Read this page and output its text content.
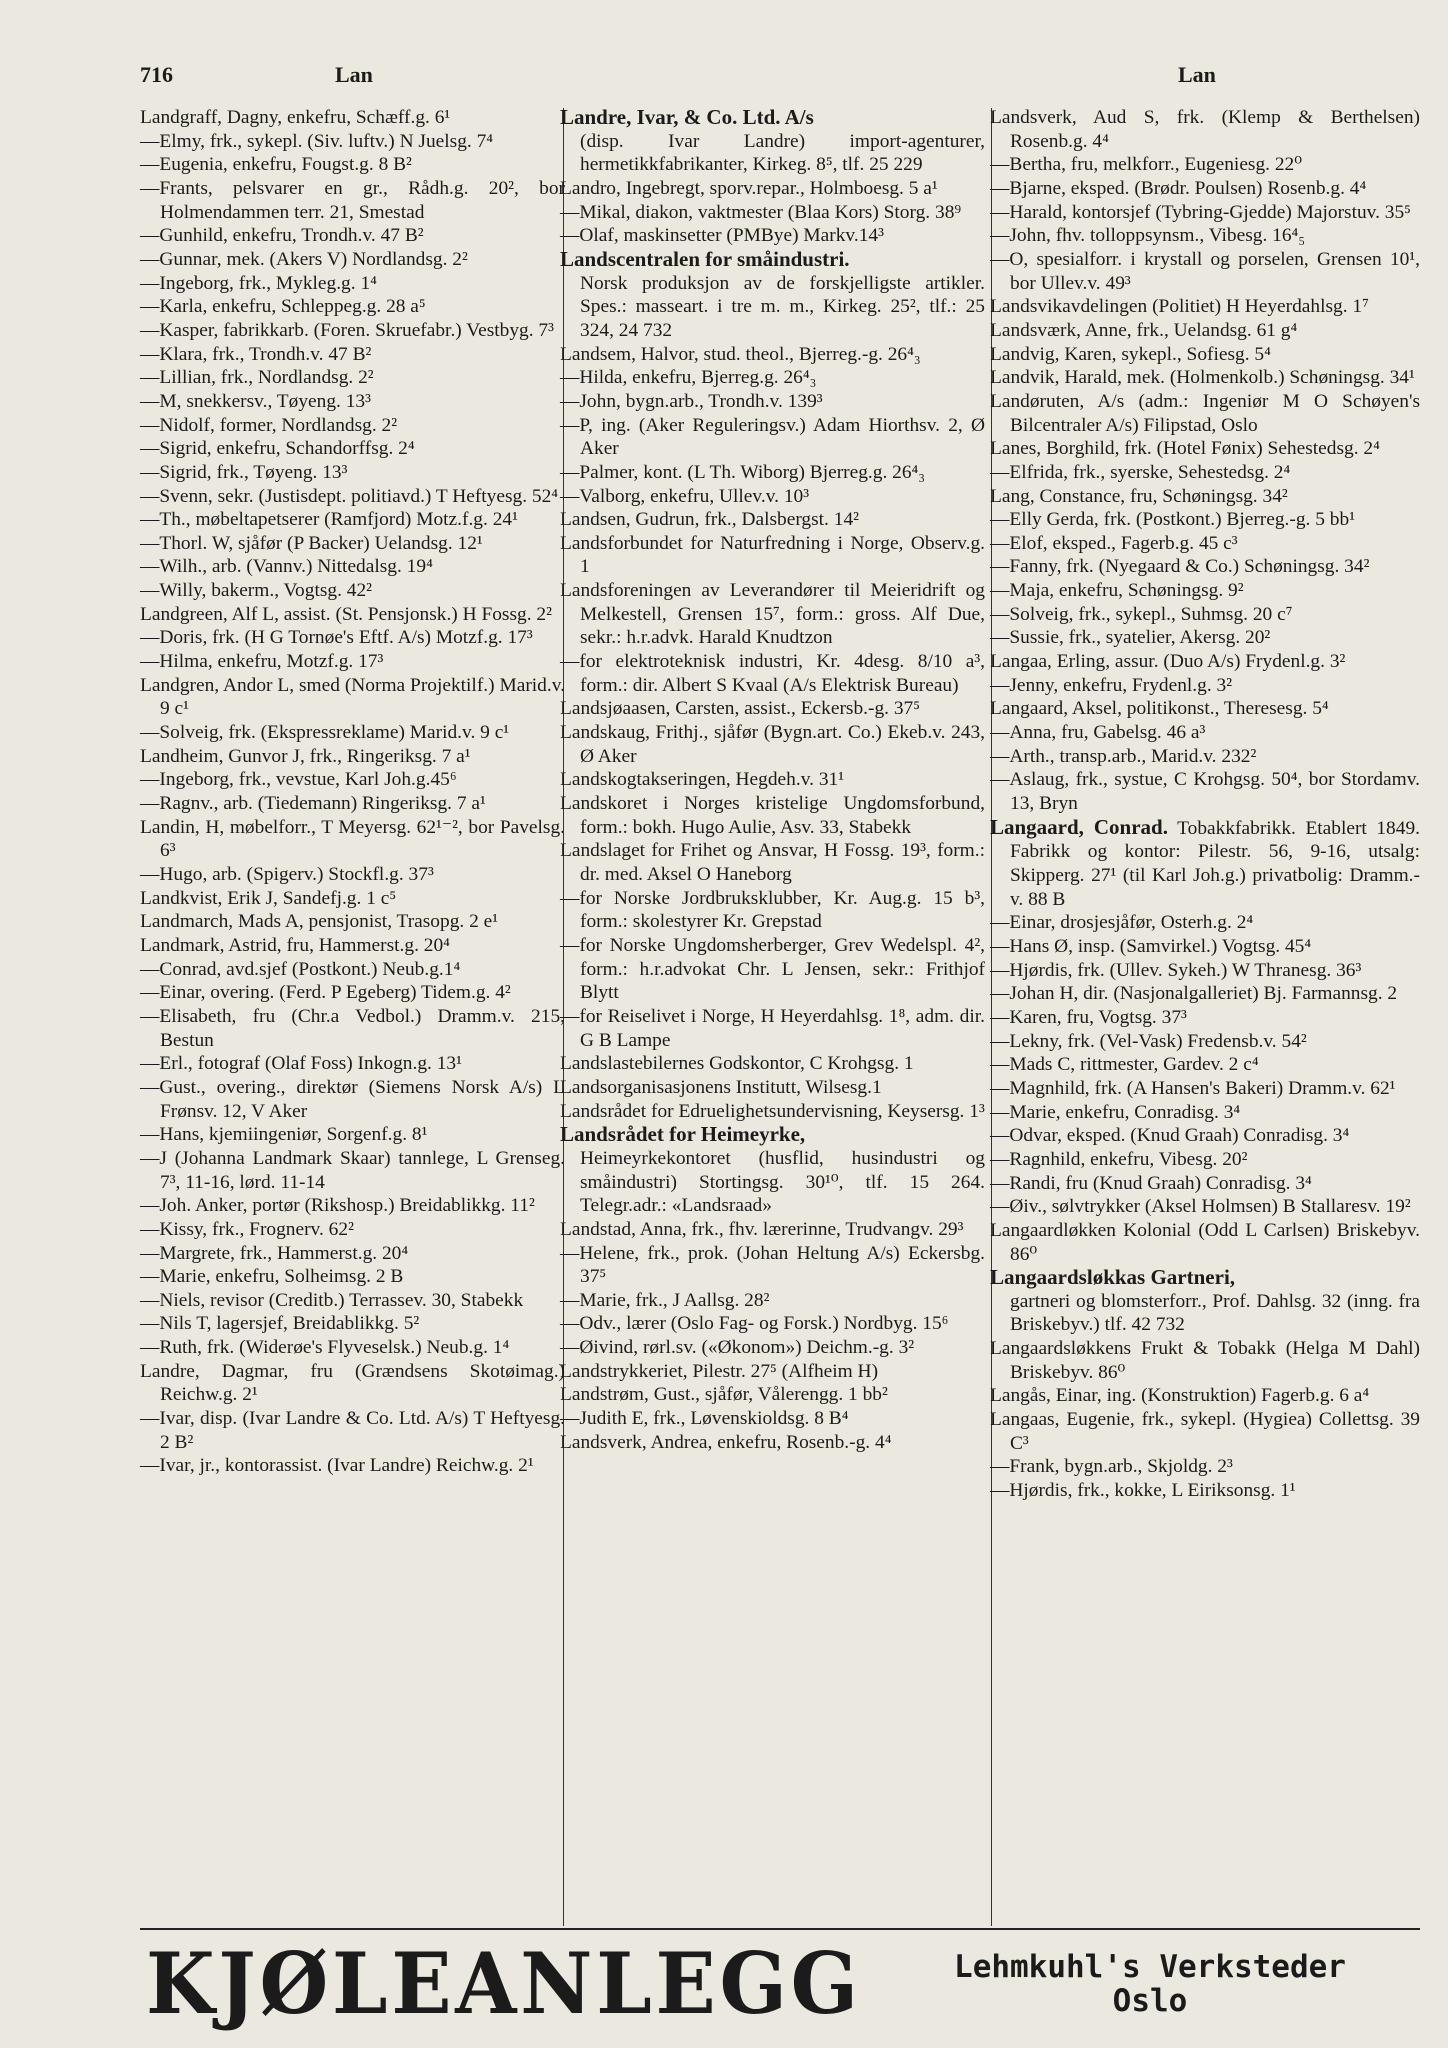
716	Lan	Lan

Landgraff, Dagny, enkefru, Schæff.g. 6¹

—Elmy, frk., sykepl. (Siv. luftv.) N Juelsg. 7⁴

—Eugenia, enkefru, Fougst.g. 8 B²

—Frants, pelsvarer en gr., Rådh.g. 20², bor Holmendammen terr. 21, Smestad

—Gunhild, enkefru, Trondh.v. 47 B²

—Gunnar, mek. (Akers V) Nordlandsg. 2²

—Ingeborg, frk., Mykleg.g. 1⁴

—Karla, enkefru, Schleppeg.g. 28 a⁵

—Kasper, fabrikkarb. (Foren. Skruefabr.) Vestbyg. 7³

—Klara, frk., Trondh.v. 47 B²

—Lillian, frk., Nordlandsg. 2²

—M, snekkersv., Tøyeng. 13³

—Nidolf, former, Nordlandsg. 2²

—Sigrid, enkefru, Schandorffsg. 2⁴

—Sigrid, frk., Tøyeng. 13³

—Svenn, sekr. (Justisdept. politiavd.) T Heftyesg. 52⁴

—Th., møbeltapetserer (Ramfjord) Motz.f.g. 24¹

—Thorl. W, sjåfør (P Backer) Uelandsg. 12¹

—Wilh., arb. (Vannv.) Nittedalsg. 19⁴

—Willy, bakerm., Vogtsg. 42²

Landgreen, Alf L, assist. (St. Pensjonsk.) H Fossg. 2²

—Doris, frk. (H G Tornøe's Eftf. A/s) Motzf.g. 17³

—Hilma, enkefru, Motzf.g. 17³

Landgren, Andor L, smed (Norma Projektilf.) Marid.v. 9 c¹

—Solveig, frk. (Ekspressreklame) Marid.v. 9 c¹

Landheim, Gunvor J, frk., Ringeriksg. 7 a¹

—Ingeborg, frk., vevstue, Karl Joh.g.45⁶

—Ragnv., arb. (Tiedemann) Ringeriksg. 7 a¹

Landin, H, møbelforr., T Meyersg. 62¹⁻², bor Pavelsg. 6³

—Hugo, arb. (Spigerv.) Stockfl.g. 37³

Landkvist, Erik J, Sandefj.g. 1 c⁵

Landmarch, Mads A, pensjonist, Trasopg. 2 e¹

Landmark, Astrid, fru, Hammerst.g. 20⁴

—Conrad, avd.sjef (Postkont.) Neub.g.1⁴

—Einar, overing. (Ferd. P Egeberg) Tidem.g. 4²

—Elisabeth, fru (Chr.a Vedbol.) Dramm.v. 215, Bestun

—Erl., fotograf (Olaf Foss) Inkogn.g. 13¹

—Gust., overing., direktør (Siemens Norsk A/s) L Frønsv. 12, V Aker

—Hans, kjemiingeniør, Sorgenf.g. 8¹

—J (Johanna Landmark Skaar) tannlege, L Grenseg. 7³, 11-16, lørd. 11-14

—Joh. Anker, portør (Rikshosp.) Breidablikkg. 11²

—Kissy, frk., Frognerv. 62²

—Margrete, frk., Hammerst.g. 20⁴

—Marie, enkefru, Solheimsg. 2 B

—Niels, revisor (Creditb.) Terrassev. 30, Stabekk

—Nils T, lagersjef, Breidablikkg. 5²

—Ruth, frk. (Widerøe's Flyveselsk.) Neub.g. 1⁴

Landre, Dagmar, fru (Grændsens Skotøimag.) Reichw.g. 2¹

—Ivar, disp. (Ivar Landre & Co. Ltd. A/s) T Heftyesg. 2 B²

—Ivar, jr., kontorassist. (Ivar Landre) Reichw.g. 2¹

Landre, Ivar, & Co. Ltd. A/s

(disp. Ivar Landre) import-agenturer, hermetikkfabrikanter, Kirkeg. 8⁵, tlf. 25 229

Landro, Ingebregt, sporv.repar., Holmboesg. 5 a¹

—Mikal, diakon, vaktmester (Blaa Kors) Storg. 38⁹

—Olaf, maskinsetter (PMBye) Markv.14³

Landscentralen for småindustri.

Norsk produksjon av de forskjelligste artikler. Spes.: masseart. i tre m. m., Kirkeg. 25², tlf.: 25 324, 24 732

Landsem, Halvor, stud. theol., Bjerreg.-g. 26⁴₃

—Hilda, enkefru, Bjerreg.g. 26⁴₃

—John, bygn.arb., Trondh.v. 139³

—P, ing. (Aker Reguleringsv.) Adam Hiorthsv. 2, Ø Aker

—Palmer, kont. (L Th. Wiborg) Bjerreg.g. 26⁴₃

—Valborg, enkefru, Ullev.v. 10³

Landsen, Gudrun, frk., Dalsbergst. 14²

Landsforbundet for Naturfredning i Norge, Observ.g. 1

Landsforeningen av Leverandører til Meieridrift og Melkestell, Grensen 15⁷, form.: gross. Alf Due, sekr.: h.r.advk. Harald Knudtzon

—for elektroteknisk industri, Kr. 4desg. 8/10 a³, form.: dir. Albert S Kvaal (A/s Elektrisk Bureau)

Landsjøaasen, Carsten, assist., Eckersb.-g. 37⁵

Landskaug, Frithj., sjåfør (Bygn.art. Co.) Ekeb.v. 243, Ø Aker

Landskogtakseringen, Hegdeh.v. 31¹

Landskoret i Norges kristelige Ungdomsforbund, form.: bokh. Hugo Aulie, Asv. 33, Stabekk

Landslaget for Frihet og Ansvar, H Fossg. 19³, form.: dr. med. Aksel O Haneborg

—for Norske Jordbruksklubber, Kr. Aug.g. 15 b³, form.: skolestyrer Kr. Grepstad

—for Norske Ungdomsherberger, Grev Wedelspl. 4², form.: h.r.advokat Chr. L Jensen, sekr.: Frithjof Blytt

—for Reiselivet i Norge, H Heyerdahlsg. 1⁸, adm. dir. G B Lampe

Landslastebilernes Godskontor, C Krohgsg. 1

Landsorganisasjonens Institutt, Wilsesg.1

Landsrådet for Edruelighetsundervisning, Keysersg. 1³

Landsrådet for Heimeyrke,

Heimeyrkekontoret (husflid, husindustri og småindustri) Stortingsg. 30¹⁰, tlf. 15 264. Telegr.adr.: «Landsraad»

Landstad, Anna, frk., fhv. lærerinne, Trudvangv. 29³

—Helene, frk., prok. (Johan Heltung A/s) Eckersbg. 37⁵

—Marie, frk., J Aallsg. 28²

—Odv., lærer (Oslo Fag- og Forsk.) Nordbyg. 15⁶

—Øivind, rørl.sv. («Økonom») Deichm.-g. 3²

Landstrykkeriet, Pilestr. 27⁵ (Alfheim H)

Landstrøm, Gust., sjåfør, Vålerengg. 1 bb²

—Judith E, frk., Løvenskioldsg. 8 B⁴

Landsverk, Andrea, enkefru, Rosenb.-g. 4⁴

Landsverk, Aud S, frk. (Klemp & Berthelsen) Rosenb.g. 4⁴

—Bertha, fru, melkforr., Eugeniesg. 22⁰

—Bjarne, eksped. (Brødr. Poulsen) Rosenb.g. 4⁴

—Harald, kontorsjef (Tybring-Gjedde) Majorstuv. 35⁵

—John, fhv. tolloppsynsm., Vibesg. 16⁴₅

—O, spesialforr. i krystall og porselen, Grensen 10¹, bor Ullev.v. 49³

Landsvikavdelingen (Politiet) H Heyerdahlsg. 1⁷

Landsværk, Anne, frk., Uelandsg. 61 g⁴

Landvig, Karen, sykepl., Sofiesg. 5⁴

Landvik, Harald, mek. (Holmenkolb.) Schøningsg. 34¹

Landøruten, A/s (adm.: Ingeniør M O Schøyen's Bilcentraler A/s) Filipstad, Oslo

Lanes, Borghild, frk. (Hotel Fønix) Sehestedsg. 2⁴

—Elfrida, frk., syerske, Sehestedsg. 2⁴

Lang, Constance, fru, Schøningsg. 34²

—Elly Gerda, frk. (Postkont.) Bjerreg.-g. 5 bb¹

—Elof, eksped., Fagerb.g. 45 c³

—Fanny, frk. (Nyegaard & Co.) Schøningsg. 34²

—Maja, enkefru, Schøningsg. 9²

—Solveig, frk., sykepl., Suhmsg. 20 c⁷

—Sussie, frk., syatelier, Akersg. 20²

Langaa, Erling, assur. (Duo A/s) Frydenl.g. 3²

—Jenny, enkefru, Frydenl.g. 3²

Langaard, Aksel, politikonst., Theresesg. 5⁴

—Anna, fru, Gabelsg. 46 a³

—Arth., transp.arb., Marid.v. 232²

—Aslaug, frk., systue, C Krohgsg. 50⁴, bor Stordamv. 13, Bryn

Langaard, Conrad. Tobakkfabrikk. Etablert 1849. Fabrikk og kontor: Pilestr. 56, 9-16, utsalg: Skipperg. 27¹ (til Karl Joh.g.) privatbolig: Dramm.-v. 88 B

—Einar, drosjesjåfør, Osterh.g. 2⁴

—Hans Ø, insp. (Samvirkel.) Vogtsg. 45⁴

—Hjørdis, frk. (Ullev. Sykeh.) W Thranesg. 36³

—Johan H, dir. (Nasjonalgalleriet) Bj. Farmannsg. 2

—Karen, fru, Vogtsg. 37³

—Lekny, frk. (Vel-Vask) Fredensb.v. 54²

—Mads C, rittmester, Gardev. 2 c⁴

—Magnhild, frk. (A Hansen's Bakeri) Dramm.v. 62¹

—Marie, enkefru, Conradisg. 3⁴

—Odvar, eksped. (Knud Graah) Conradisg. 3⁴

—Ragnhild, enkefru, Vibesg. 20²

—Randi, fru (Knud Graah) Conradisg. 3⁴

—Øiv., sølvtrykker (Aksel Holmsen) B Stallaresv. 19²

Langaardløkken Kolonial (Odd L Carlsen) Briskebyv. 86⁰

Langaardsløkkas Gartneri,

gartneri og blomsterforr., Prof. Dahlsg. 32 (inng. fra Briskebyv.) tlf. 42 732

Langaardsløkkens Frukt & Tobakk (Helga M Dahl) Briskebyv. 86⁰

Langås, Einar, ing. (Konstruktion) Fagerb.g. 6 a⁴

Langaas, Eugenie, frk., sykepl. (Hygiea) Collettsg. 39 C³

—Frank, bygn.arb., Skjoldg. 2³

—Hjørdis, frk., kokke, L Eiriksonsg. 1¹

KJØLEANLEGG	Lehmkuhl's Verksteder
Oslo
